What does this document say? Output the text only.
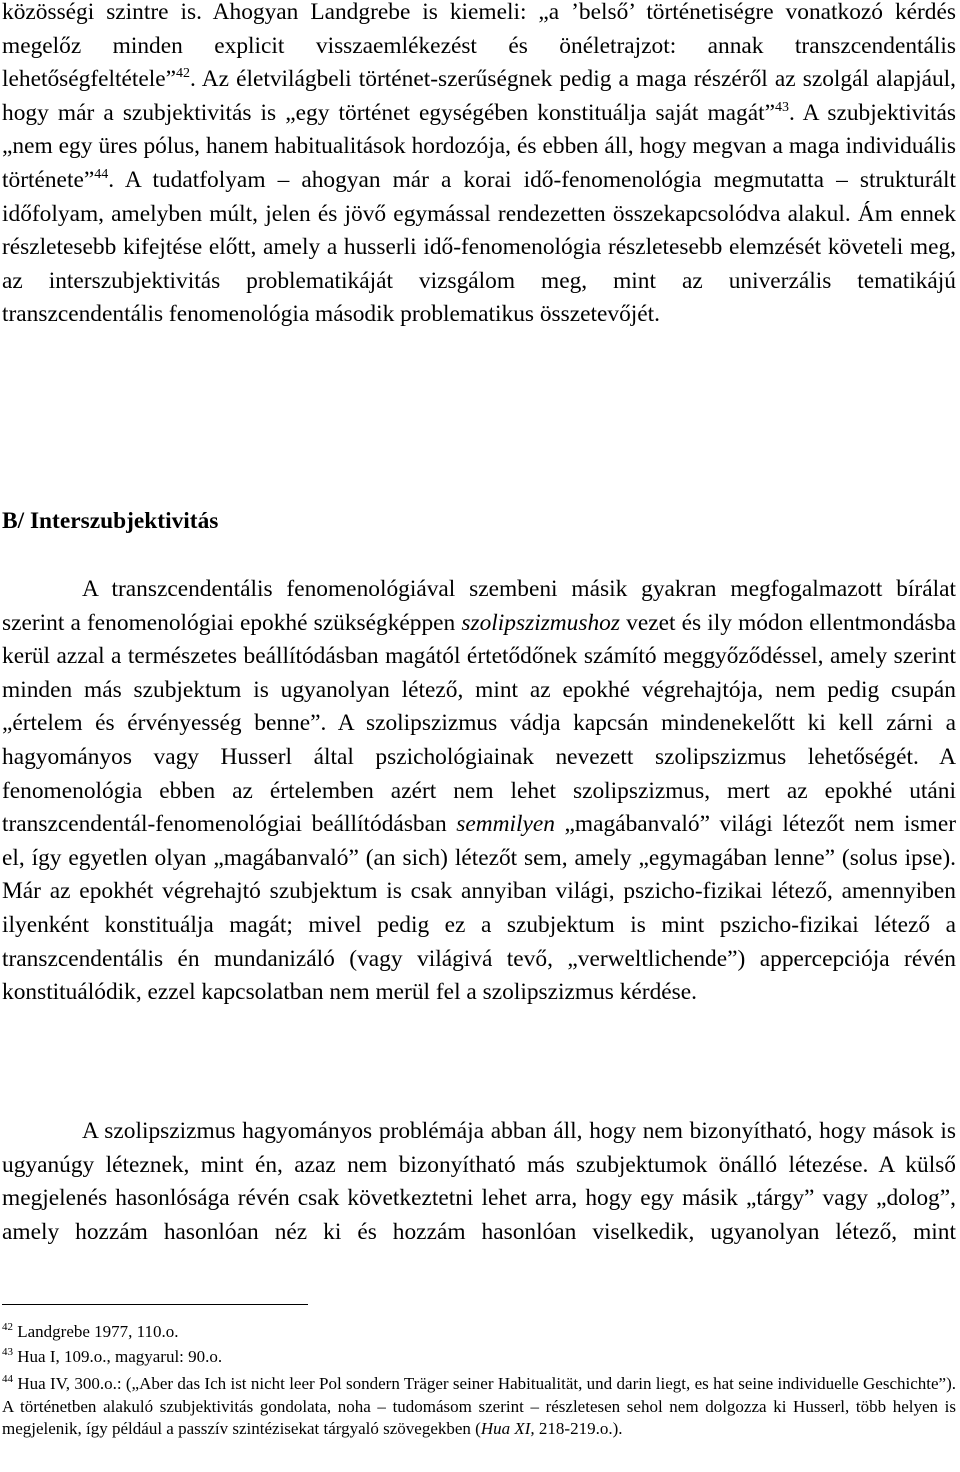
közösségi szintre is. Ahogyan Landgrebe is kiemeli: „a ’belső’ történetiségre vonatkozó kérdés megelőz minden explicit visszaemlékezést és önéletrajzot: annak transzcendentális lehetőségfeltétele”$^{42}$. Az életvilágbeli történet-szerűségnek pedig a maga részéről az szolgál alapjául, hogy már a szubjektivitás is „egy történet egységében konstituálja saját magát”$^{43}$. A szubjektivitás „nem egy üres pólus, hanem habitualitások hordozója, és ebben áll, hogy megvan a maga individuális története”$^{44}$. A tudatfolyam – ahogyan már a korai idő-fenomenológia megmutatta – strukturált időfolyam, amelyben múlt, jelen és jövő egymással rendezetten összekapcsolódva alakul. Ám ennek részletesebb kifejtése előtt, amely a husserli idő-fenomenológia részletesebb elemzését követeli meg, az interszubjektivitás problematikáját vizsgálom meg, mint az univerzális tematikájú transzcendentális fenomenológia második problematikus összetevőjét.

B/ Interszubjektivitás

A transzcendentális fenomenológiával szembeni másik gyakran megfogalmazott bírálat szerint a fenomenológiai epokhé szükségképpen szolipszizmushoz vezet és ily módon ellentmondásba kerül azzal a természetes beállítódásban magától értetődőnek számító meggyőződéssel, amely szerint minden más szubjektum is ugyanolyan létező, mint az epokhé végrehajtója, nem pedig csupán „értelem és érvényesség benne”. A szolipszizmus vádja kapcsán mindenekelőtt ki kell zárni a hagyományos vagy Husserl által pszichológiainak nevezett szolipszizmus lehetőségét. A fenomenológia ebben az értelemben azért nem lehet szolipszizmus, mert az epokhé utáni transzcendentál-fenomenológiai beállítódásban semmilyen „magábanvaló” világi létezőt nem ismer el, így egyetlen olyan „magábanvaló” (an sich) létezőt sem, amely „egymagában lenne” (solus ipse). Már az epokhét végrehajtó szubjektum is csak annyiban világi, pszicho-fizikai létező, amennyiben ilyenként konstituálja magát; mivel pedig ez a szubjektum is mint pszicho-fizikai létező a transzcendentális én mundanizáló (vagy világivá tevő, „verweltlichende”) appercepciója révén konstituálódik, ezzel kapcsolatban nem merül fel a szolipszizmus kérdése.

A szolipszizmus hagyományos problémája abban áll, hogy nem bizonyítható, hogy mások is ugyanúgy léteznek, mint én, azaz nem bizonyítható más szubjektumok önálló létezése. A külső megjelenés hasonlósága révén csak következtetni lehet arra, hogy egy másik „tárgy” vagy „dolog”, amely hozzám hasonlóan néz ki és hozzám hasonlóan viselkedik, ugyanolyan létező, mint

$^{42}$ Landgrebe 1977, 110.o.
$^{43}$ Hua I, 109.o., magyarul: 90.o.
$^{44}$ Hua IV, 300.o.: („Aber das Ich ist nicht leer Pol sondern Träger seiner Habitualität, und darin liegt, es hat seine individuelle Geschichte”). A történetben alakuló szubjektivitás gondolata, noha – tudomásom szerint – részletesen sehol nem dolgozza ki Husserl, több helyen is megjelenik, így például a passzív szintézisekat tárgyaló szövegekben (Hua XI, 218-219.o.).
